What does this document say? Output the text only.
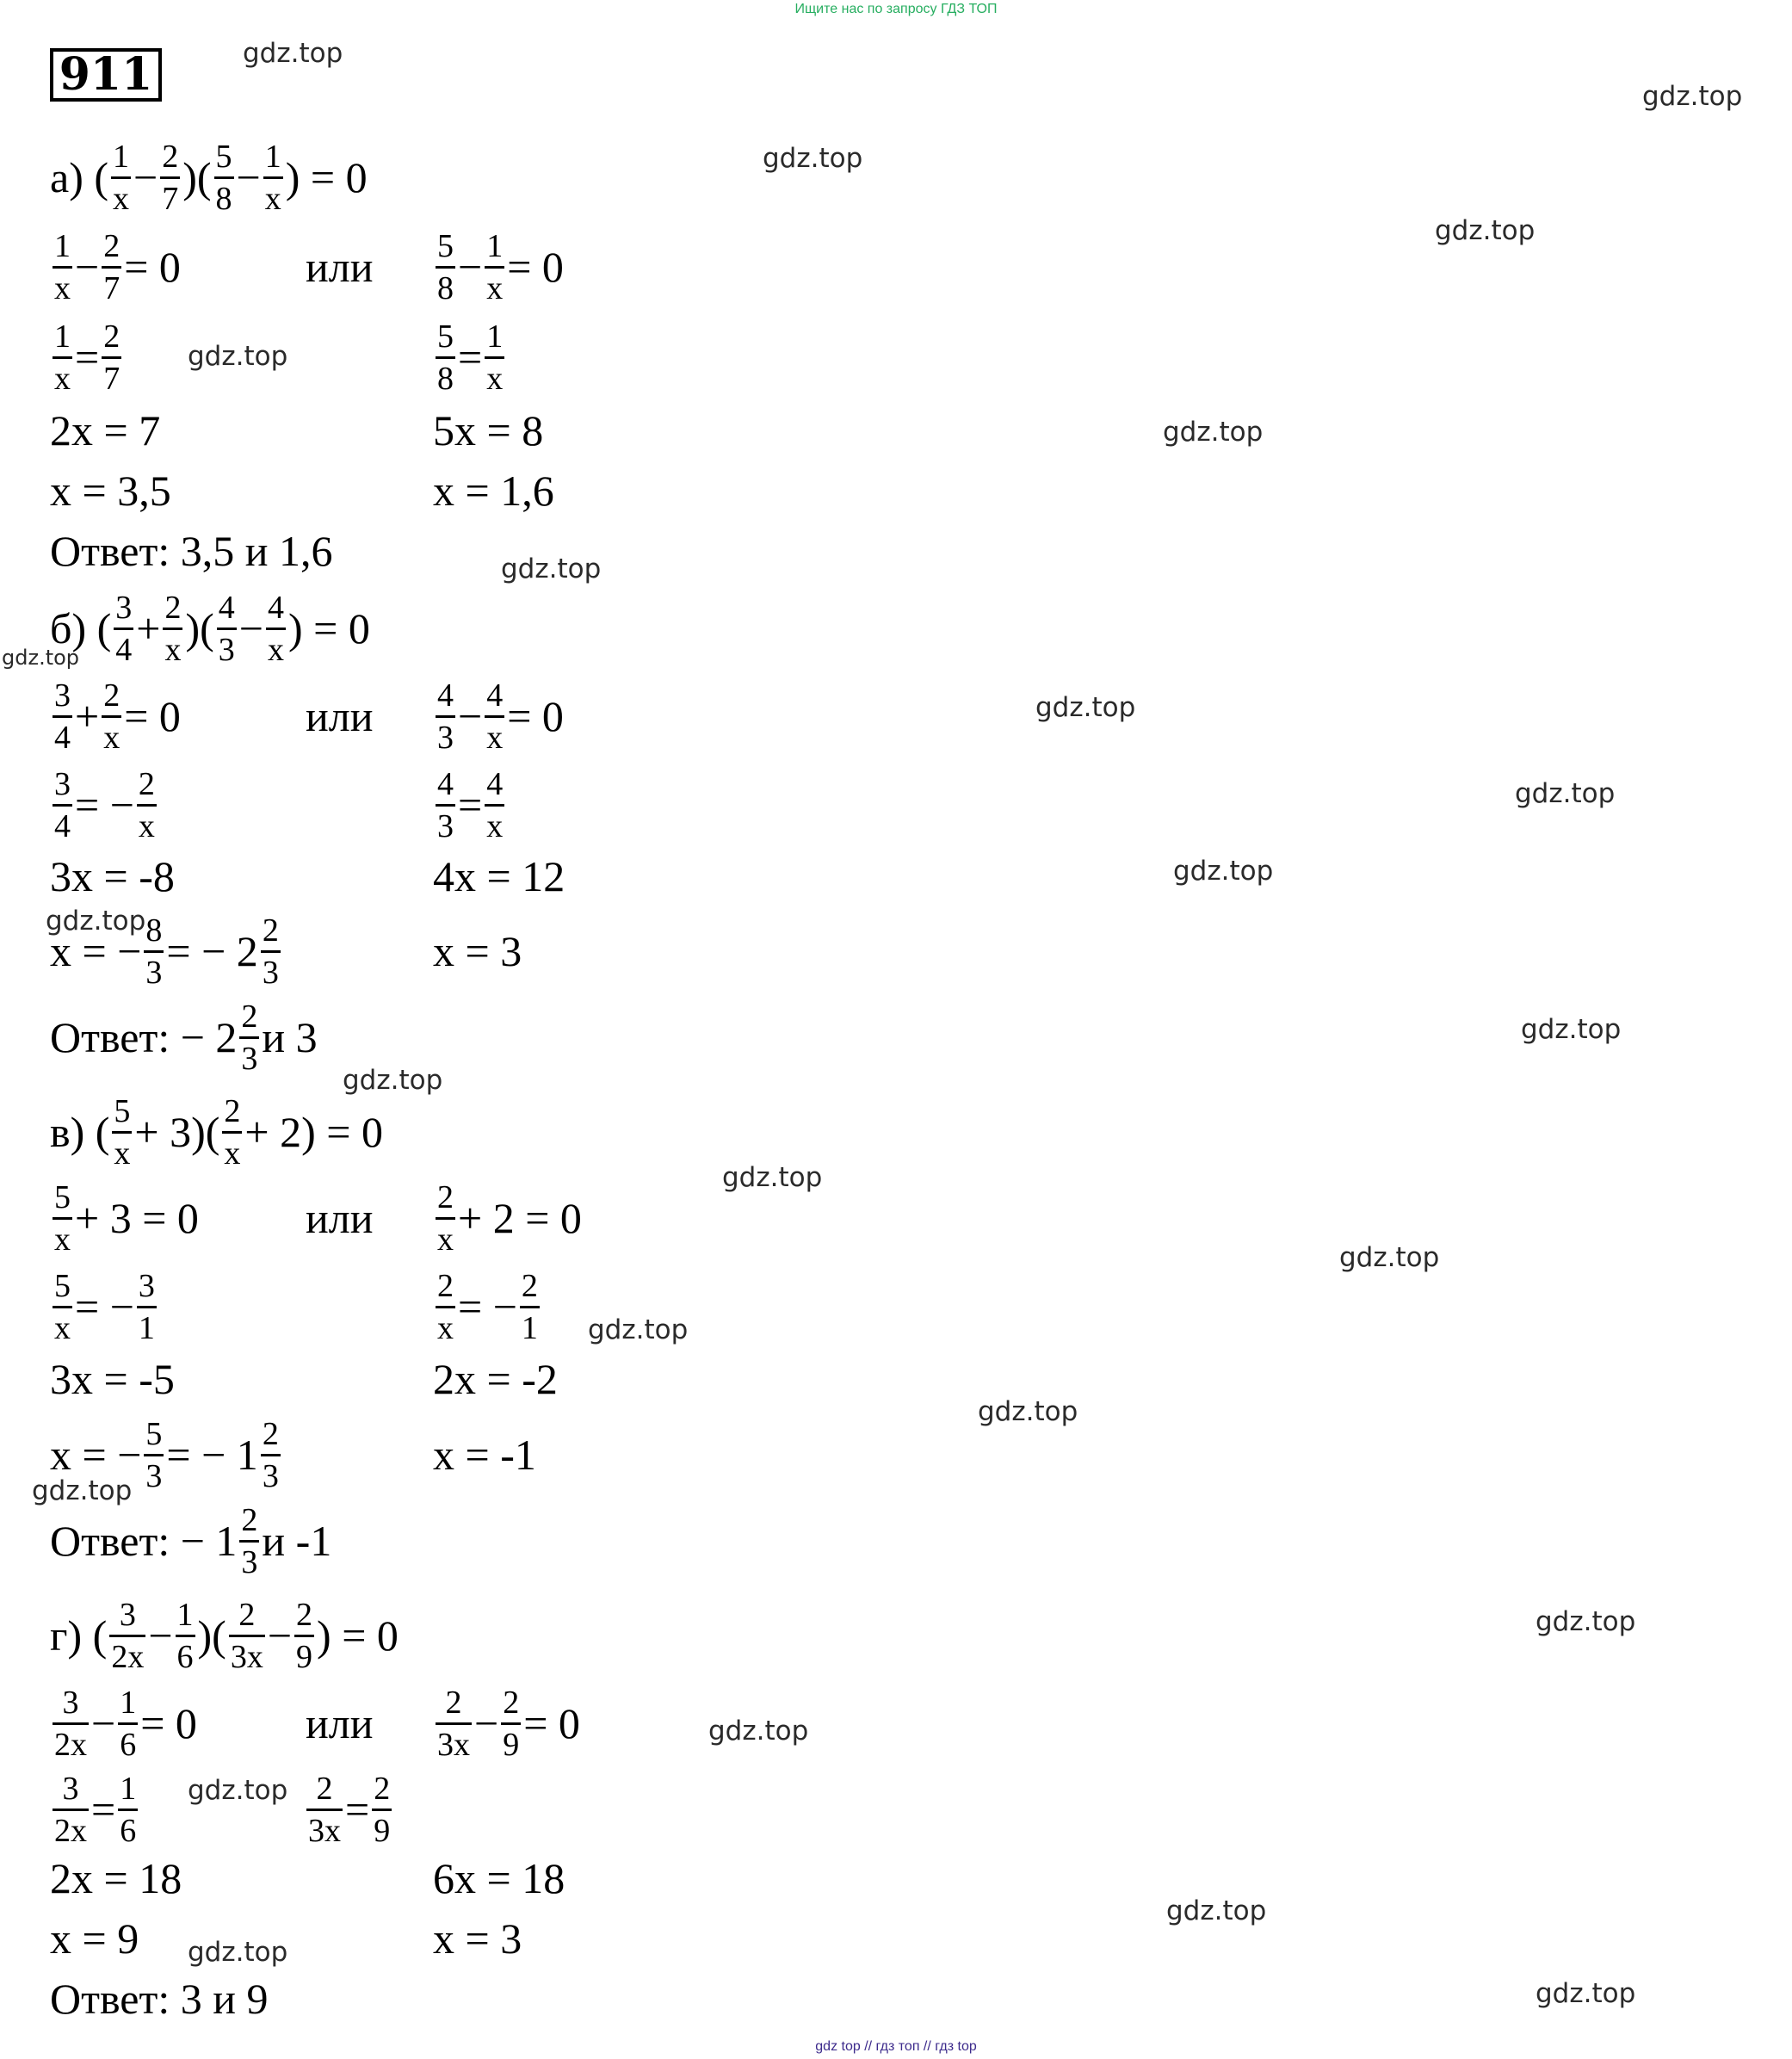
Ищите нас по запросу ГДЗ ТОП
911
а)
( $\frac{1}{x} - \frac{2}{7}$ )( $\frac{5}{8} - \frac{1}{x}$ ) = 0
$\frac{1}{x} - \frac{2}{7} = 0$	или $\frac{5}{8} - \frac{1}{x} = 0$
$\frac{1}{x} = \frac{2}{7}$	$\frac{5}{8} = \frac{1}{x}$
2x = 7	5x = 8
x = 3,5	x = 1,6
Ответ: 3,5 и 1,6
б)
( $\frac{3}{4} + \frac{2}{x}$ )( $\frac{4}{3} - \frac{4}{x}$ ) = 0
$\frac{3}{4} + \frac{2}{x} = 0$	или $\frac{4}{3} - \frac{4}{x} = 0$
$\frac{3}{4}$ = − $\frac{2}{x}$	$\frac{4}{3} = \frac{4}{x}$
3x = -8	4x = 12
x = − $\frac{8}{3}$ = − $2 \frac{2}{3}$	x = 3
Ответ: − $2 \frac{2}{3}$ и 3
в)
( $\frac{5}{x} + 3)( \frac{2}{x} + 2) = 0$
$\frac{5}{x} + 3 = 0$ или $\frac{2}{x} + 2 = 0$
$\frac{5}{x}$ = − $\frac{3}{1}$	$\frac{2}{x}$ = − $\frac{2}{1}$
3x = -5	2x = -2
x = − $\frac{5}{3}$ = − $1 \frac{2}{3}$	x = -1
Ответ: − $1 \frac{2}{3}$ и -1
г)
( $\frac{3}{2x} - \frac{1}{6}$ )( $\frac{2}{3x} - \frac{2}{9}$ ) = 0
$\frac{3}{2x} - \frac{1}{6} = 0$	или $\frac{2}{3x} - \frac{2}{9} = 0$
$\frac{3}{2x} = \frac{1}{6}$	$\frac{2}{3x} = \frac{2}{9}$
2x = 18	6x = 18
x = 9	x = 3
Ответ: 3 и 9
gdz.top
gdz.top
gdz.top
gdz.top
gdz.top
gdz.top
gdz.top
gdz.top
gdz.top
gdz.top
gdz.top
gdz.top
gdz.top
gdz.top
gdz.top
gdz.top
gdz.top
gdz.top
gdz.top
gdz.top
gdz.top
gdz.top
gdz.top
gdz.top
gdz.top
gdz top // гдз топ // гдз top
